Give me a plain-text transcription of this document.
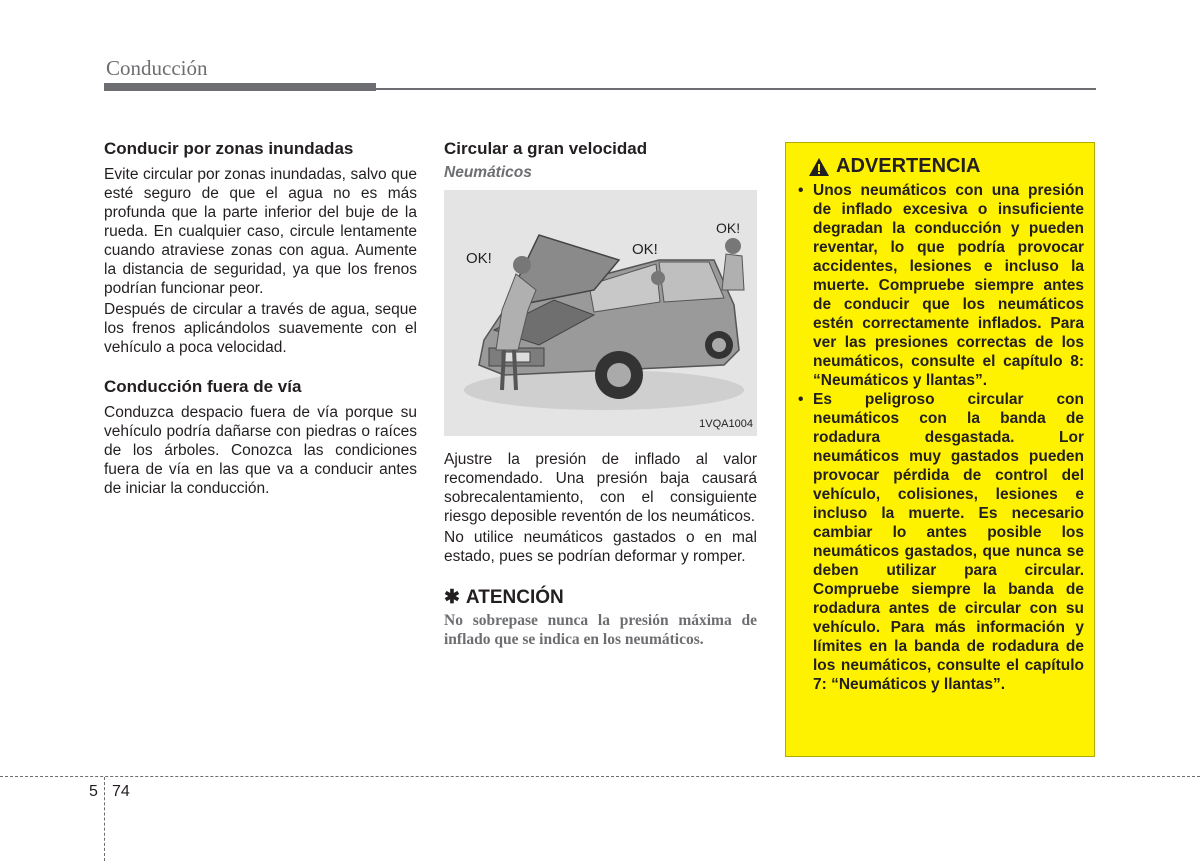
Conducción
Conducir por zonas inundadas

Evite circular por zonas inundadas, salvo que esté seguro de que el agua no es más profunda que la parte inferior del buje de la rueda. En cualquier caso, circule lentamente cuando atraviese zonas con agua. Aumente la distancia de seguridad, ya que los frenos podrían funcionar peor.

Después de circular a través de agua, seque los frenos aplicándolos suavemente con el vehículo a poca velocidad.

Conducción fuera de vía

Conduzca despacio fuera de vía porque su vehículo podría dañarse con piedras o raíces de los árboles. Conozca las condiciones fuera de vía en las que va a conducir antes de iniciar la conducción.

Circular a gran velocidad
Neumáticos
OK!
OK!
OK!
1VQA1004

Ajustre la presión de inflado al valor recomendado. Una presión baja causará sobrecalentamiento, con el consiguiente riesgo deposible reventón de los neumáticos.

No utilice neumáticos gastados o en mal estado, pues se podrían deformar y romper.

✱ ATENCIÓN
No sobrepase nunca la presión máxima de inflado que se indica en los neumáticos.
ADVERTENCIA
• Unos neumáticos con una presión de inflado excesiva o insuficiente degradan la conducción y pueden reventar, lo que podría provocar accidentes, lesiones e incluso la muerte. Compruebe siempre antes de conducir que los neumáticos estén correctamente inflados. Para ver las presiones correctas de los neumáticos, consulte el capítulo 8: “Neumáticos y llantas”.
• Es peligroso circular con neumáticos con la banda de rodadura desgastada. Lor neumáticos muy gastados pueden provocar pérdida de control del vehículo, colisiones, lesiones e incluso la muerte. Es necesario cambiar lo antes posible los neumáticos gastados, que nunca se deben utilizar para circular. Compruebe siempre la banda de rodadura antes de circular con su vehículo. Para más información y límites en la banda de rodadura de los neumáticos, consulte el capítulo 7: “Neumáticos y llantas”.
5 74
